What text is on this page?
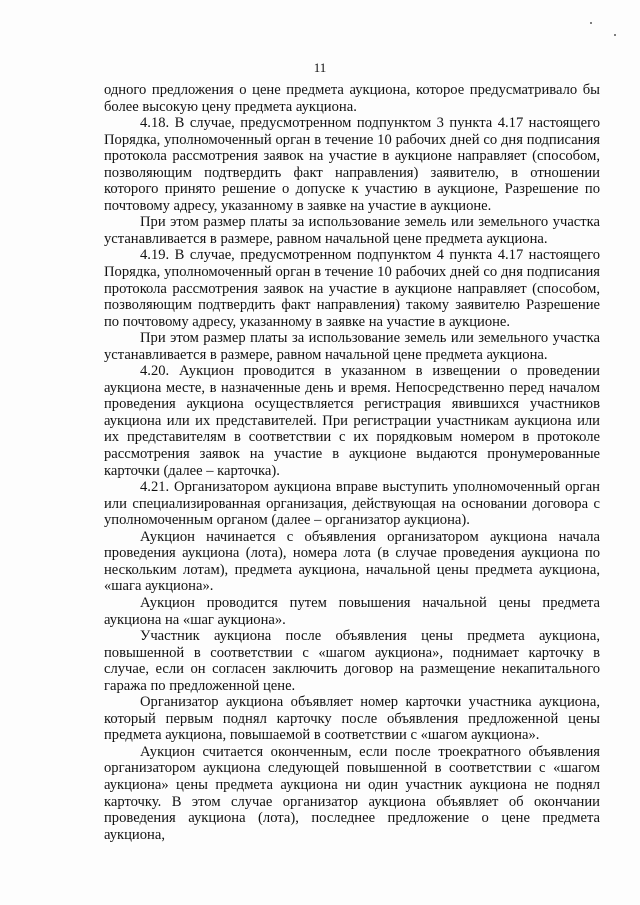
11

одного предложения о цене предмета аукциона, которое предусматривало бы более высокую цену предмета аукциона.

4.18. В случае, предусмотренном подпунктом 3 пункта 4.17 настоящего Порядка, уполномоченный орган в течение 10 рабочих дней со дня подписания протокола рассмотрения заявок на участие в аукционе направляет (способом, позволяющим подтвердить факт направления) заявителю, в отношении которого принято решение о допуске к участию в аукционе, Разрешение по почтовому адресу, указанному в заявке на участие в аукционе.

При этом размер платы за использование земель или земельного участка устанавливается в размере, равном начальной цене предмета аукциона.

4.19. В случае, предусмотренном подпунктом 4 пункта 4.17 настоящего Порядка, уполномоченный орган в течение 10 рабочих дней со дня подписания протокола рассмотрения заявок на участие в аукционе направляет (способом, позволяющим подтвердить факт направления) такому заявителю Разрешение по почтовому адресу, указанному в заявке на участие в аукционе.

При этом размер платы за использование земель или земельного участка устанавливается в размере, равном начальной цене предмета аукциона.

4.20. Аукцион проводится в указанном в извещении о проведении аукциона месте, в назначенные день и время. Непосредственно перед началом проведения аукциона осуществляется регистрация явившихся участников аукциона или их представителей. При регистрации участникам аукциона или их представителям в соответствии с их порядковым номером в протоколе рассмотрения заявок на участие в аукционе выдаются пронумерованные карточки (далее – карточка).

4.21. Организатором аукциона вправе выступить уполномоченный орган или специализированная организация, действующая на основании договора с уполномоченным органом (далее – организатор аукциона).

Аукцион начинается с объявления организатором аукциона начала проведения аукциона (лота), номера лота (в случае проведения аукциона по нескольким лотам), предмета аукциона, начальной цены предмета аукциона, «шага аукциона».

Аукцион проводится путем повышения начальной цены предмета аукциона на «шаг аукциона».

Участник аукциона после объявления цены предмета аукциона, повышенной в соответствии с «шагом аукциона», поднимает карточку в случае, если он согласен заключить договор на размещение некапитального гаража по предложенной цене.

Организатор аукциона объявляет номер карточки участника аукциона, который первым поднял карточку после объявления предложенной цены предмета аукциона, повышаемой в соответствии с «шагом аукциона».

Аукцион считается оконченным, если после троекратного объявления организатором аукциона следующей повышенной в соответствии с «шагом аукциона» цены предмета аукциона ни один участник аукциона не поднял карточку. В этом случае организатор аукциона объявляет об окончании проведения аукциона (лота), последнее предложение о цене предмета аукциона,
